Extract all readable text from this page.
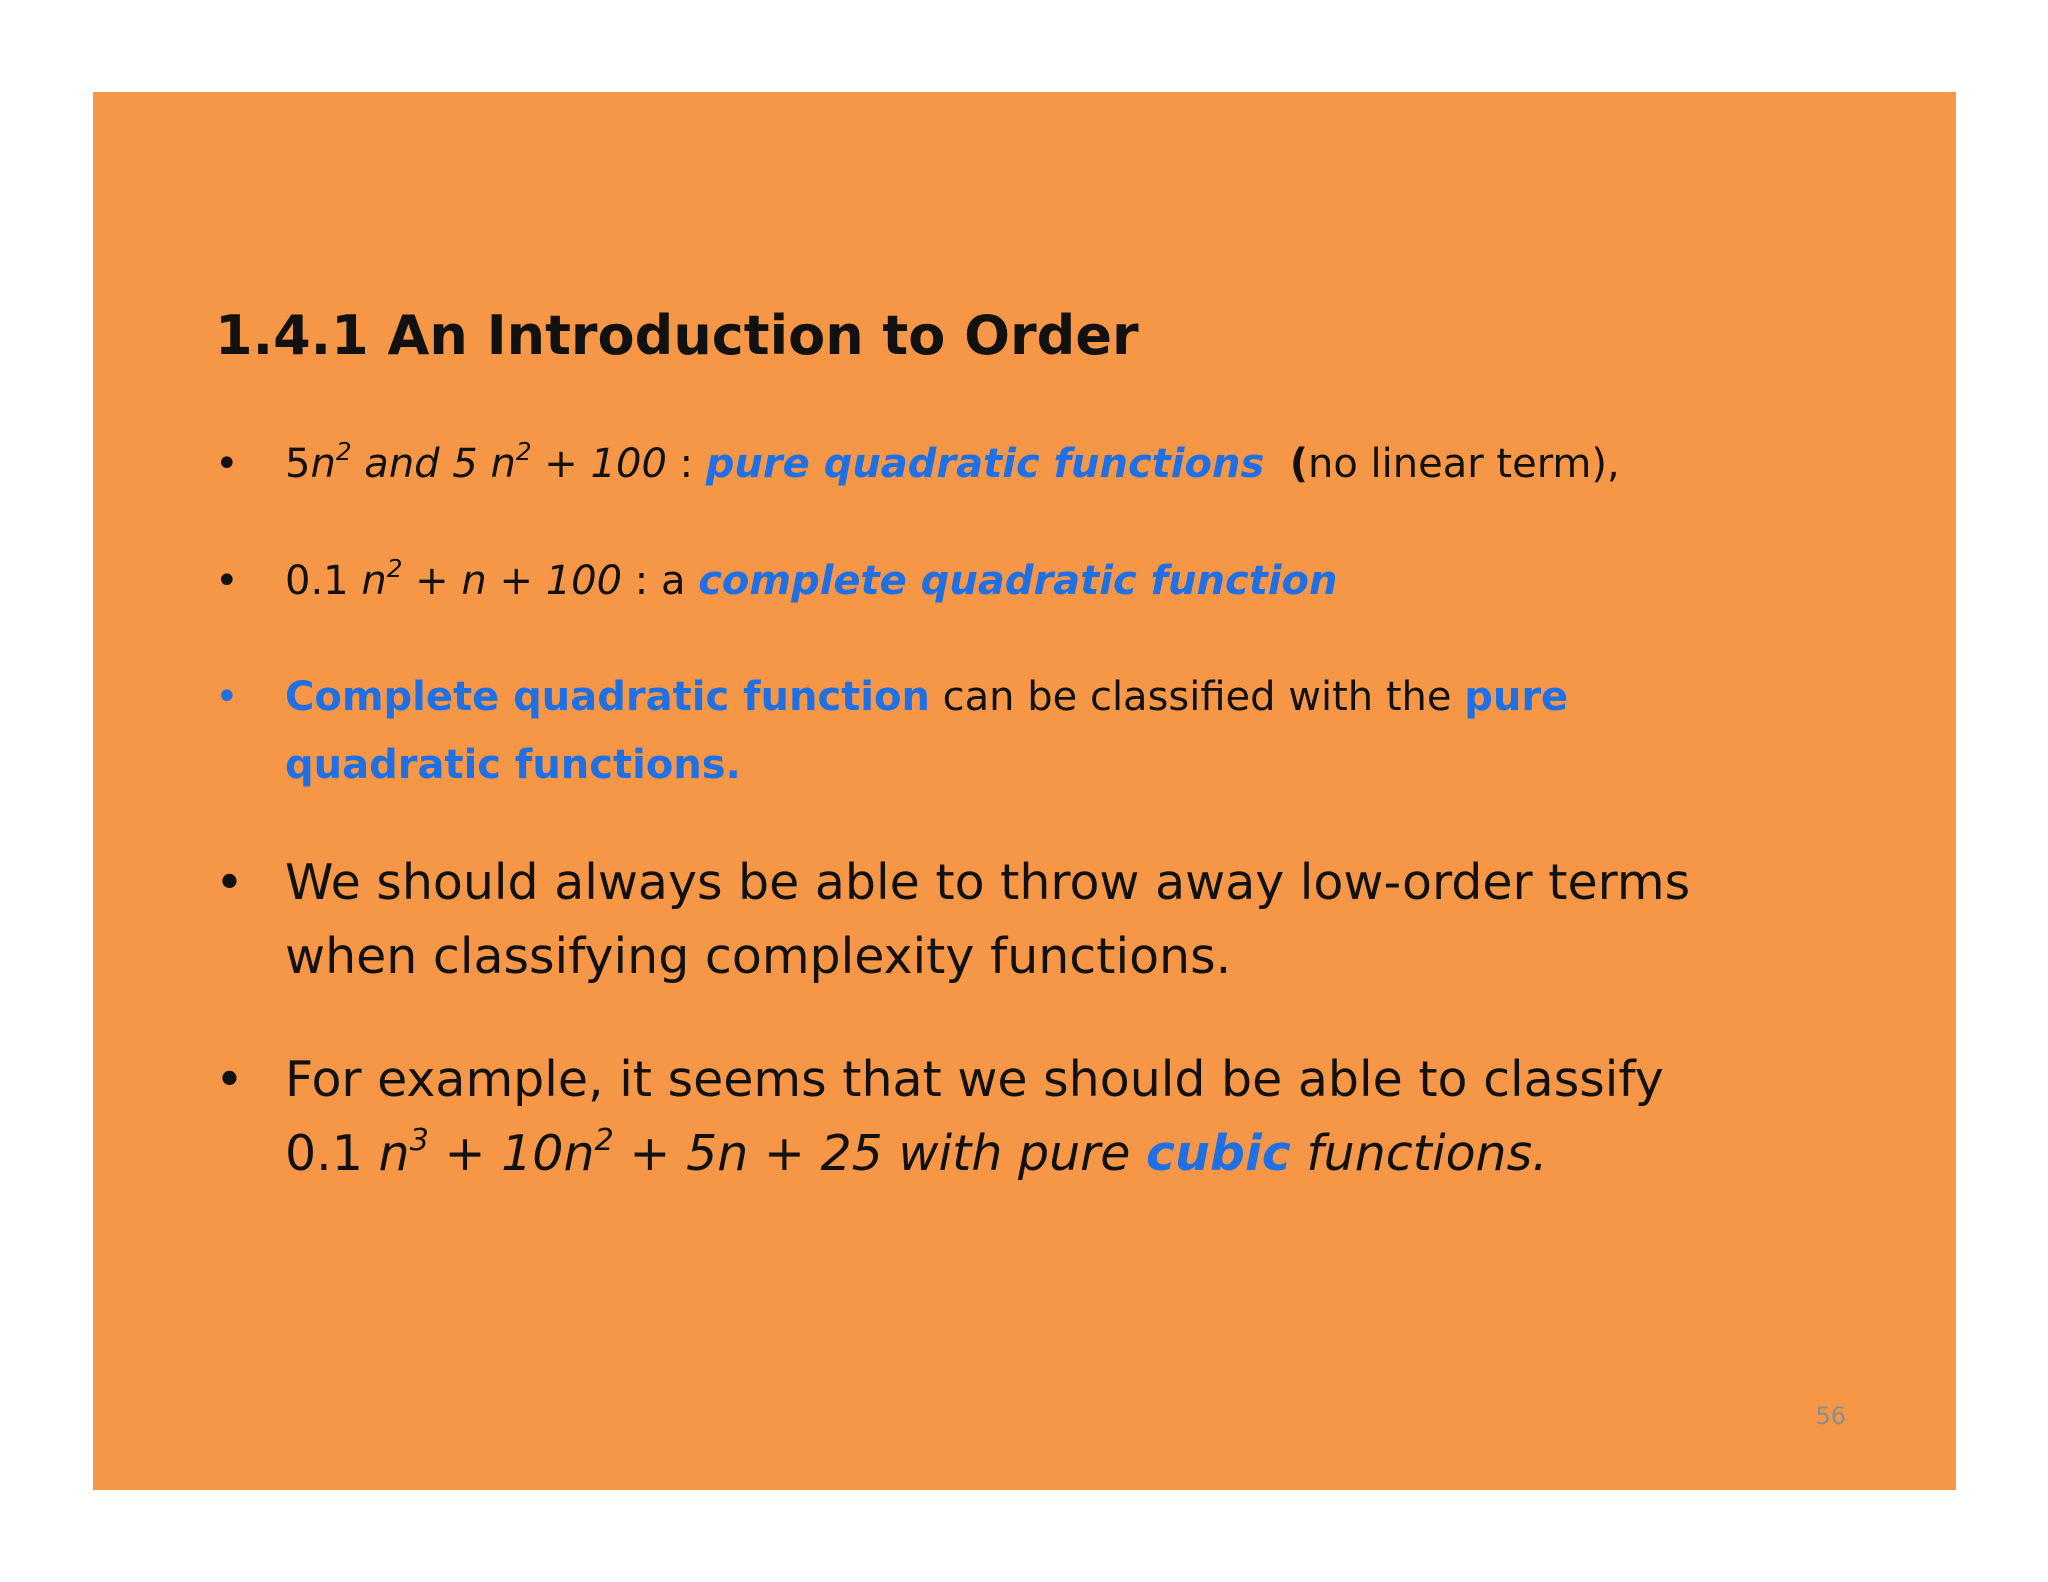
1.4.1 An Introduction to Order
• $5n^2$ and 5 $n^2 + 100$ : pure quadratic functions (no linear term),
• 0.1 $n^2 + n + 100$ : a complete quadratic function
• Complete quadratic function can be classified with the pure
quadratic functions.
• We should always be able to throw away low-order terms
when classifying complexity functions.
• For example, it seems that we should be able to classify
0.1 $n^3 + 10n^2 + 5n + 25$ with pure cubic functions.
56
